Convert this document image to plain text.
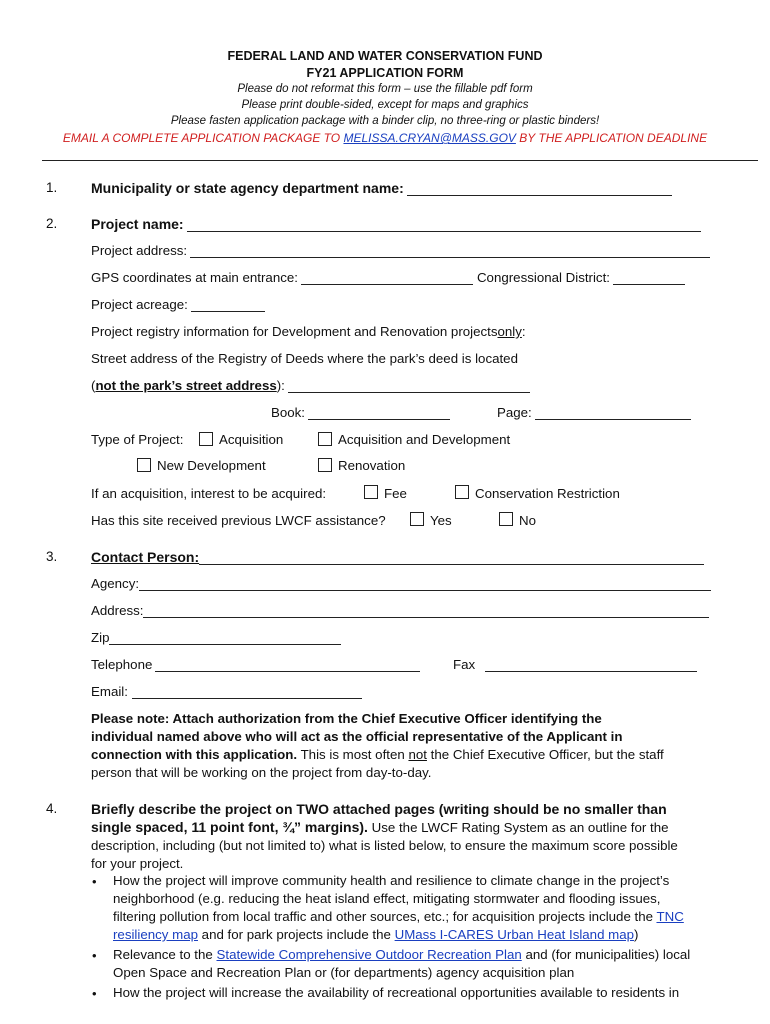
FEDERAL LAND AND WATER CONSERVATION FUND
FY21 APPLICATION FORM
Please do not reformat this form – use the fillable pdf form
Please print double-sided, except for maps and graphics
Please fasten application package with a binder clip, no three-ring or plastic binders!
EMAIL A COMPLETE APPLICATION PACKAGE TO MELISSA.CRYAN@MASS.GOV BY THE APPLICATION DEADLINE
1. Municipality or state agency department name:
2. Project name:
Project address:
GPS coordinates at main entrance:	Congressional District:
Project acreage:
Project registry information for Development and Renovation projects only :
Street address of the Registry of Deeds where the park’s deed is located
( not the park’s street address ):
Book:	Page:
Type of Project:	Acquisition	Acquisition and Development
New Development	Renovation
If an acquisition, interest to be acquired:	Fee	Conservation Restriction
Has this site received previous LWCF assistance?	Yes	No
3. Contact Person:
Agency:
Address:
Zip
Telephone	Fax
Email:
Please note: Attach authorization from the Chief Executive Officer identifying the
individual named above who will act as the official representative of the Applicant in
connection with this application. This is most often not the Chief Executive Officer, but the staff
person that will be working on the project from day-to-day.
4. Briefly describe the project on TWO attached pages (writing should be no smaller than
single spaced, 11 point font, ¾” margins). Use the LWCF Rating System as an outline for the
description, including (but not limited to) what is listed below, to ensure the maximum score possible
for your project.
• How the project will improve community health and resilience to climate change in the project’s
neighborhood (e.g. reducing the heat island effect, mitigating stormwater and flooding issues,
filtering pollution from local traffic and other sources, etc.; for acquisition projects include the TNC
resiliency map and for park projects include the UMass I-CARES Urban Heat Island map)
• Relevance to the Statewide Comprehensive Outdoor Recreation Plan and (for municipalities) local
Open Space and Recreation Plan or (for departments) agency acquisition plan
• How the project will increase the availability of recreational opportunities available to residents in
